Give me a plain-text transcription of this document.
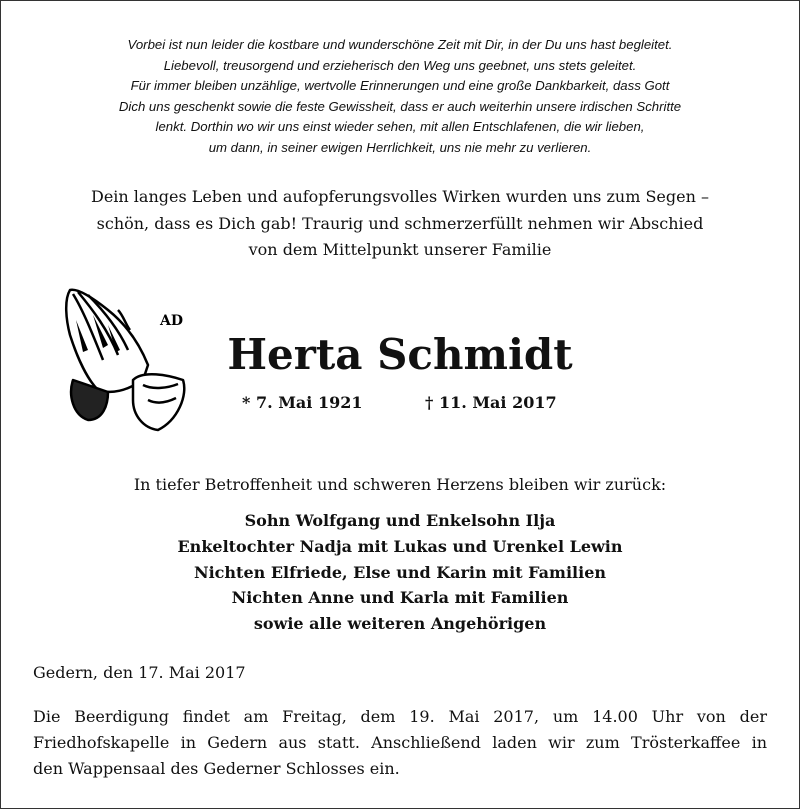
Vorbei ist nun leider die kostbare und wunderschöne Zeit mit Dir, in der Du uns hast begleitet.
Liebevoll, treusorgend und erzieherisch den Weg uns geebnet, uns stets geleitet.
Für immer bleiben unzählige, wertvolle Erinnerungen und eine große Dankbarkeit, dass Gott
Dich uns geschenkt sowie die feste Gewissheit, dass er auch weiterhin unsere irdischen Schritte
lenkt. Dorthin wo wir uns einst wieder sehen, mit allen Entschlafenen, die wir lieben,
um dann, in seiner ewigen Herrlichkeit, uns nie mehr zu verlieren.
Dein langes Leben und aufopferungsvolles Wirken wurden uns zum Segen –
schön, dass es Dich gab! Traurig und schmerzerfüllt nehmen wir Abschied
von dem Mittelpunkt unserer Familie
AD
Herta Schmidt
* 7. Mai 1921	† 11. Mai 2017
In tiefer Betroffenheit und schweren Herzens bleiben wir zurück:
Sohn Wolfgang und Enkelsohn Ilja
Enkeltochter Nadja mit Lukas und Urenkel Lewin
Nichten Elfriede, Else und Karin mit Familien
Nichten Anne und Karla mit Familien
sowie alle weiteren Angehörigen
Gedern, den 17. Mai 2017
Die Beerdigung findet am Freitag, dem 19. Mai 2017, um 14.00 Uhr von der
Friedhofskapelle in Gedern aus statt. Anschließend laden wir zum Trösterkaffee in
den Wappensaal des Gederner Schlosses ein.
